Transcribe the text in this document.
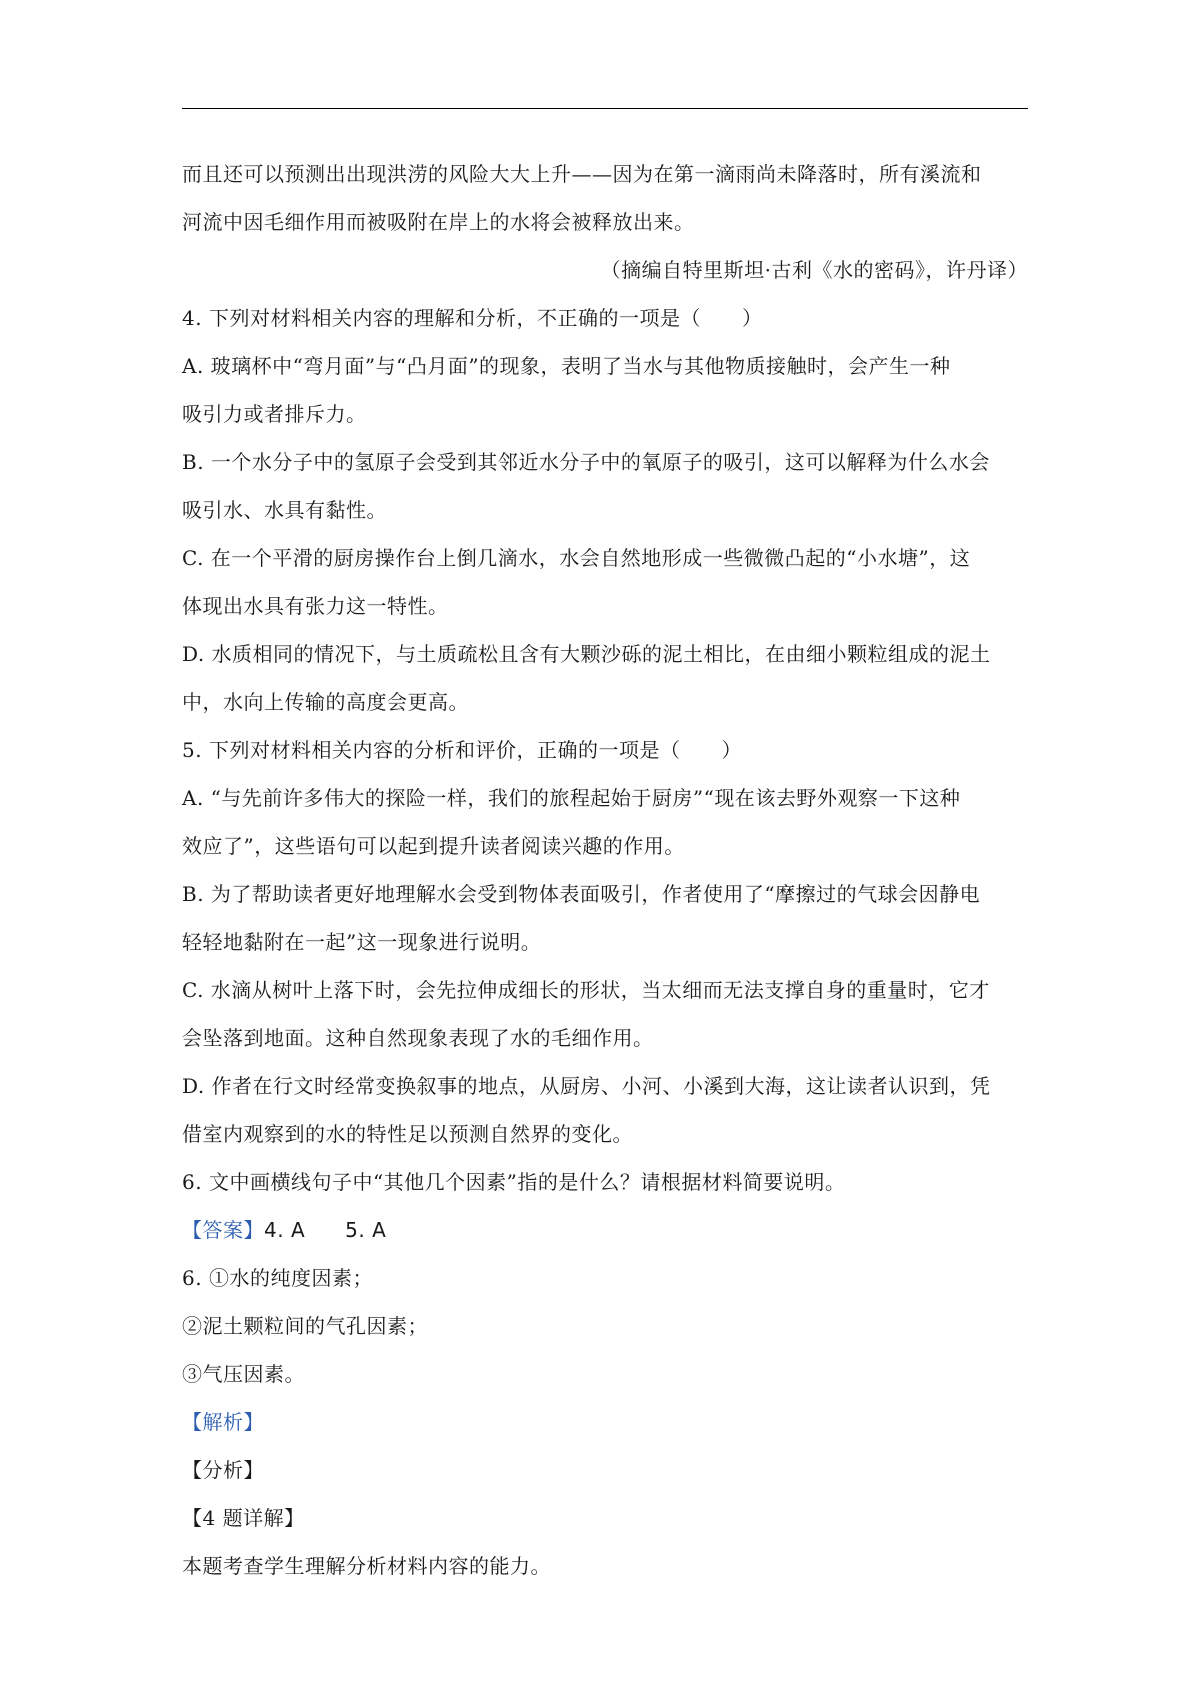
而且还可以预测出出现洪涝的风险大大上升——因为在第一滴雨尚未降落时，所有溪流和

河流中因毛细作用而被吸附在岸上的水将会被释放出来。

（摘编自特里斯坦·古利《水的密码》，许丹译）

4. 下列对材料相关内容的理解和分析，不正确的一项是（　　）

A. 玻璃杯中“弯月面”与“凸月面”的现象，表明了当水与其他物质接触时，会产生一种

吸引力或者排斥力。

B. 一个水分子中的氢原子会受到其邻近水分子中的氧原子的吸引，这可以解释为什么水会

吸引水、水具有黏性。

C. 在一个平滑的厨房操作台上倒几滴水，水会自然地形成一些微微凸起的“小水塘”，这

体现出水具有张力这一特性。

D. 水质相同的情况下，与土质疏松且含有大颗沙砾的泥土相比，在由细小颗粒组成的泥土

中，水向上传输的高度会更高。

5. 下列对材料相关内容的分析和评价，正确的一项是（　　）

A. “与先前许多伟大的探险一样，我们的旅程起始于厨房”“现在该去野外观察一下这种

效应了”，这些语句可以起到提升读者阅读兴趣的作用。

B. 为了帮助读者更好地理解水会受到物体表面吸引，作者使用了“摩擦过的气球会因静电

轻轻地黏附在一起”这一现象进行说明。

C. 水滴从树叶上落下时，会先拉伸成细长的形状，当太细而无法支撑自身的重量时，它才

会坠落到地面。这种自然现象表现了水的毛细作用。

D. 作者在行文时经常变换叙事的地点，从厨房、小河、小溪到大海，这让读者认识到，凭

借室内观察到的水的特性足以预测自然界的变化。

6. 文中画横线句子中“其他几个因素”指的是什么？请根据材料简要说明。

【答案】4. A 5. A

6. ①水的纯度因素；

②泥土颗粒间的气孔因素；

③气压因素。

【解析】

【分析】

【4 题详解】

本题考查学生理解分析材料内容的能力。
